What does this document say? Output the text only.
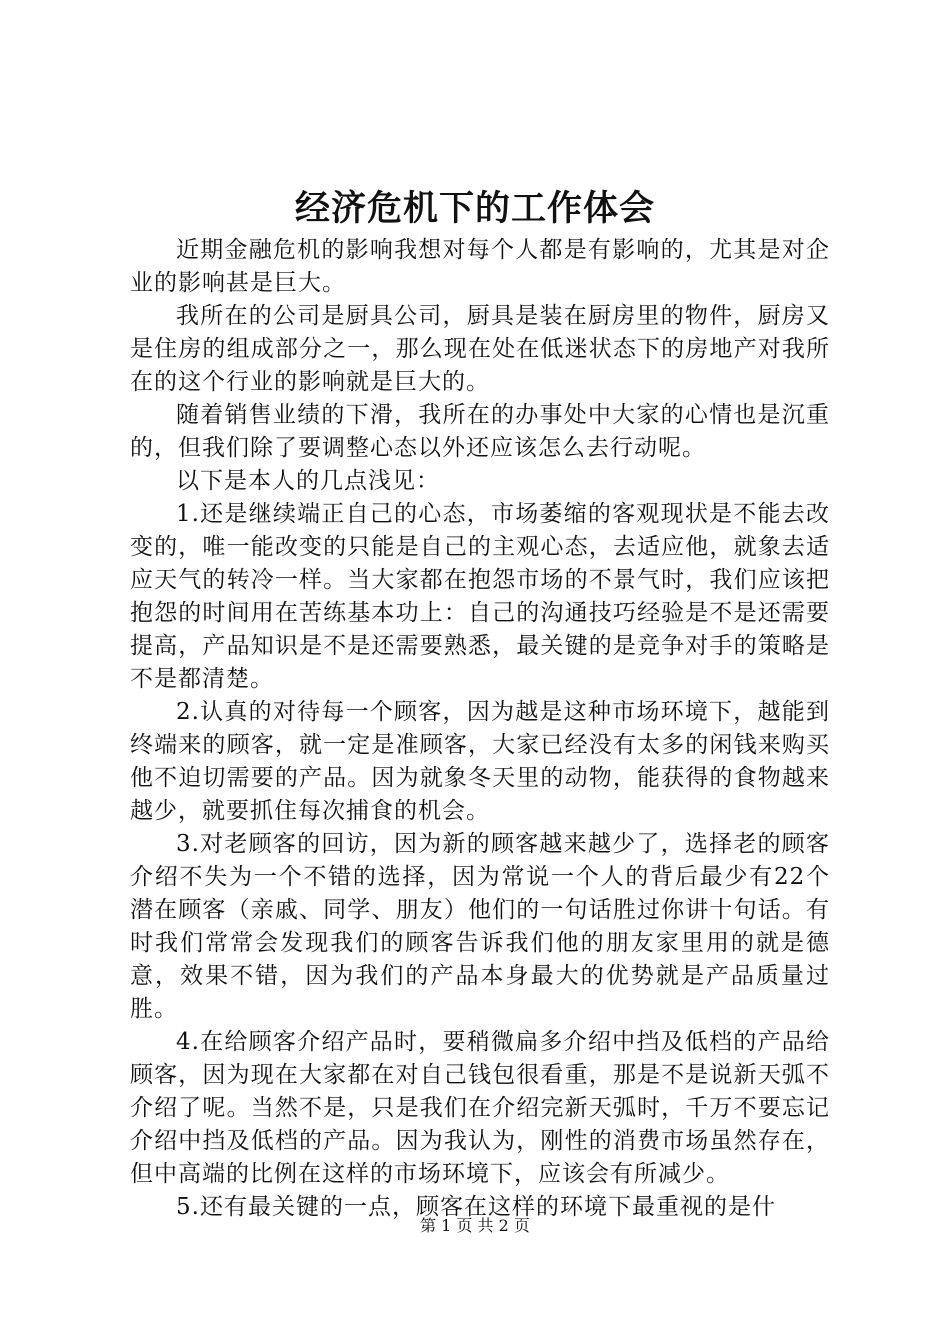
经济危机下的工作体会

近期金融危机的影响我想对每个人都是有影响的，尤其是对企业的影响甚是巨大。

我所在的公司是厨具公司，厨具是装在厨房里的物件，厨房又是住房的组成部分之一，那么现在处在低迷状态下的房地产对我所在的这个行业的影响就是巨大的。

随着销售业绩的下滑，我所在的办事处中大家的心情也是沉重的，但我们除了要调整心态以外还应该怎么去行动呢。

以下是本人的几点浅见：

1.还是继续端正自己的心态，市场萎缩的客观现状是不能去改变的，唯一能改变的只能是自己的主观心态，去适应他，就象去适应天气的转冷一样。当大家都在抱怨市场的不景气时，我们应该把抱怨的时间用在苦练基本功上：自己的沟通技巧经验是不是还需要提高，产品知识是不是还需要熟悉，最关键的是竞争对手的策略是不是都清楚。

2.认真的对待每一个顾客，因为越是这种市场环境下，越能到终端来的顾客，就一定是准顾客，大家已经没有太多的闲钱来购买他不迫切需要的产品。因为就象冬天里的动物，能获得的食物越来越少，就要抓住每次捕食的机会。

3.对老顾客的回访，因为新的顾客越来越少了，选择老的顾客介绍不失为一个不错的选择，因为常说一个人的背后最少有22个潜在顾客（亲戚、同学、朋友）他们的一句话胜过你讲十句话。有时我们常常会发现我们的顾客告诉我们他的朋友家里用的就是德意，效果不错，因为我们的产品本身最大的优势就是产品质量过胜。

4.在给顾客介绍产品时，要稍微扁多介绍中挡及低档的产品给顾客，因为现在大家都在对自己钱包很看重，那是不是说新天弧不介绍了呢。当然不是，只是我们在介绍完新天弧时，千万不要忘记介绍中挡及低档的产品。因为我认为，刚性的消费市场虽然存在，但中高端的比例在这样的市场环境下，应该会有所减少。

5.还有最关键的一点，顾客在这样的环境下最重视的是什

第 1 页 共 2 页
